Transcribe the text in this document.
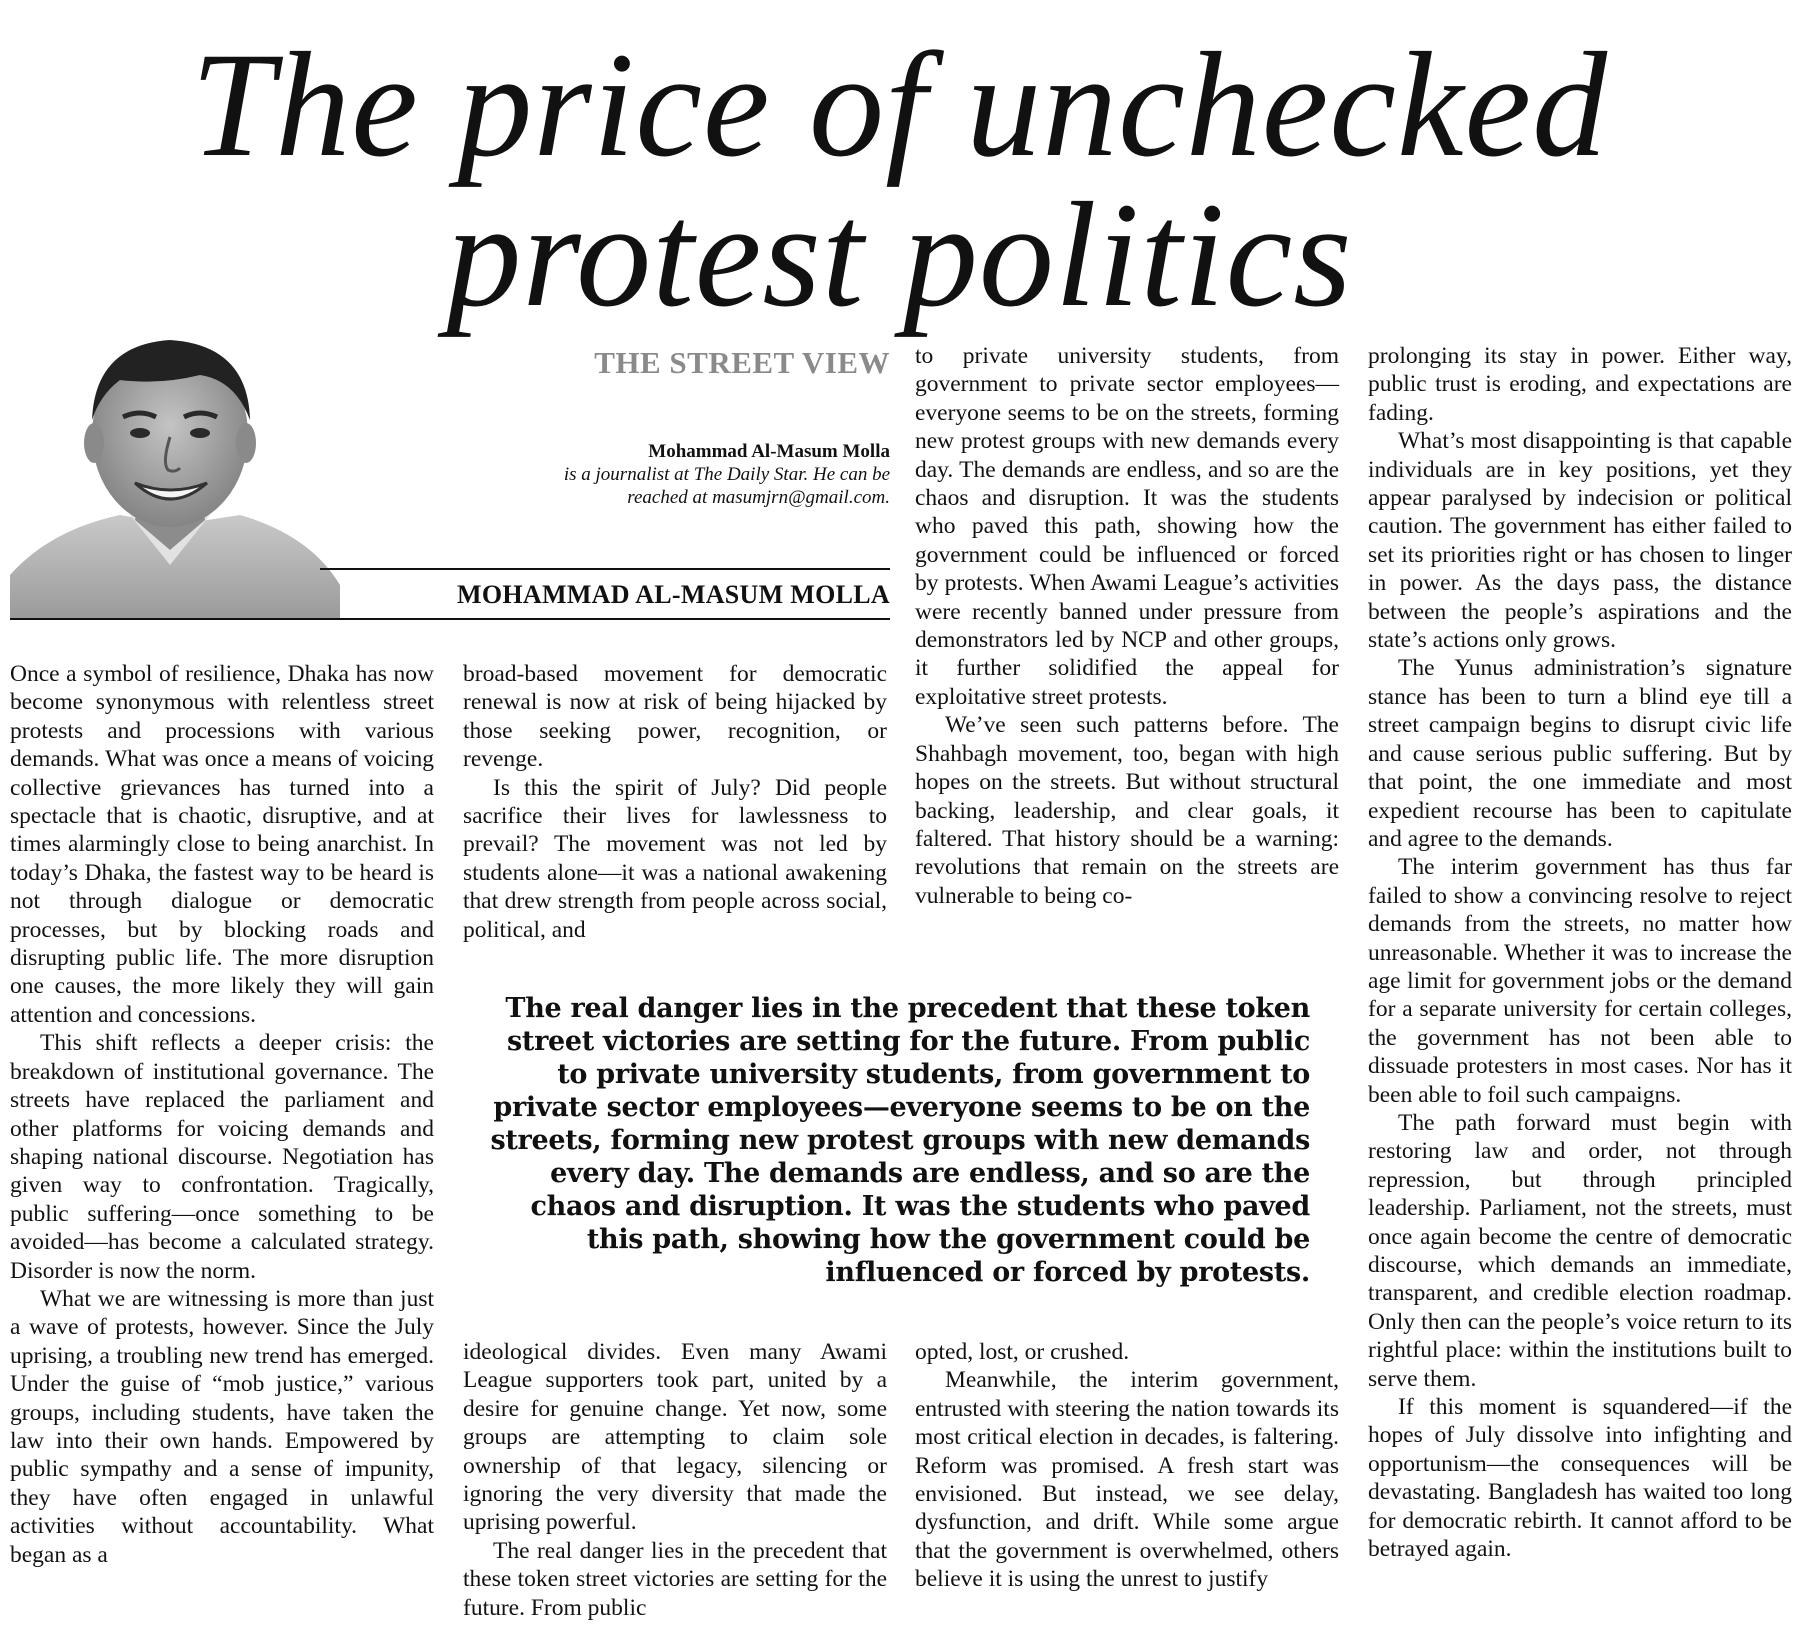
The price of unchecked
protest politics
THE STREET VIEW
Mohammad Al-Masum Molla
is a journalist at The Daily Star. He can be
reached at masumjrn@gmail.com.
MOHAMMAD AL-MASUM MOLLA

Once a symbol of resilience, Dhaka has now become synonymous with relentless street protests and processions with various demands. What was once a means of voicing collective grievances has turned into a spectacle that is chaotic, disruptive, and at times alarmingly close to being anarchist. In today’s Dhaka, the fastest way to be heard is not through dialogue or democratic processes, but by blocking roads and disrupting public life. The more disruption one causes, the more likely they will gain attention and concessions.

This shift reflects a deeper crisis: the breakdown of institutional governance. The streets have replaced the parliament and other platforms for voicing demands and shaping national discourse. Negotiation has given way to confrontation. Tragically, public suffering—once something to be avoided—has become a calculated strategy. Disorder is now the norm.

What we are witnessing is more than just a wave of protests, however. Since the July uprising, a troubling new trend has emerged. Under the guise of “mob justice,” various groups, including students, have taken the law into their own hands. Empowered by public sympathy and a sense of impunity, they have often engaged in unlawful activities without accountability. What began as a

broad-based movement for democratic renewal is now at risk of being hijacked by those seeking power, recognition, or revenge.

Is this the spirit of July? Did people sacrifice their lives for lawlessness to prevail? The movement was not led by students alone—it was a national awakening that drew strength from people across social, political, and

ideological divides. Even many Awami League supporters took part, united by a desire for genuine change. Yet now, some groups are attempting to claim sole ownership of that legacy, silencing or ignoring the very diversity that made the uprising powerful.

The real danger lies in the precedent that these token street victories are setting for the future. From public

to private university students, from government to private sector employees—everyone seems to be on the streets, forming new protest groups with new demands every day. The demands are endless, and so are the chaos and disruption. It was the students who paved this path, showing how the government could be influenced or forced by protests. When Awami League’s activities were recently banned under pressure from demonstrators led by NCP and other groups, it further solidified the appeal for exploitative street protests.

We’ve seen such patterns before. The Shahbagh movement, too, began with high hopes on the streets. But without structural backing, leadership, and clear goals, it faltered. That history should be a warning: revolutions that remain on the streets are vulnerable to being co-

opted, lost, or crushed.

Meanwhile, the interim government, entrusted with steering the nation towards its most critical election in decades, is faltering. Reform was promised. A fresh start was envisioned. But instead, we see delay, dysfunction, and drift. While some argue that the government is overwhelmed, others believe it is using the unrest to justify

prolonging its stay in power. Either way, public trust is eroding, and expectations are fading.

What’s most disappointing is that capable individuals are in key positions, yet they appear paralysed by indecision or political caution. The government has either failed to set its priorities right or has chosen to linger in power. As the days pass, the distance between the people’s aspirations and the state’s actions only grows.

The Yunus administration’s signature stance has been to turn a blind eye till a street campaign begins to disrupt civic life and cause serious public suffering. But by that point, the one immediate and most expedient recourse has been to capitulate and agree to the demands.

The interim government has thus far failed to show a convincing resolve to reject demands from the streets, no matter how unreasonable. Whether it was to increase the age limit for government jobs or the demand for a separate university for certain colleges, the government has not been able to dissuade protesters in most cases. Nor has it been able to foil such campaigns.

The path forward must begin with restoring law and order, not through repression, but through principled leadership. Parliament, not the streets, must once again become the centre of democratic discourse, which demands an immediate, transparent, and credible election roadmap. Only then can the people’s voice return to its rightful place: within the institutions built to serve them.

If this moment is squandered—if the hopes of July dissolve into infighting and opportunism—the consequences will be devastating. Bangladesh has waited too long for democratic rebirth. It cannot afford to be betrayed again.

The real danger lies in the precedent that these token street victories are setting for the future. From public to private university students, from government to private sector employees—everyone seems to be on the streets, forming new protest groups with new demands every day. The demands are endless, and so are the chaos and disruption. It was the students who paved this path, showing how the government could be influenced or forced by protests.
